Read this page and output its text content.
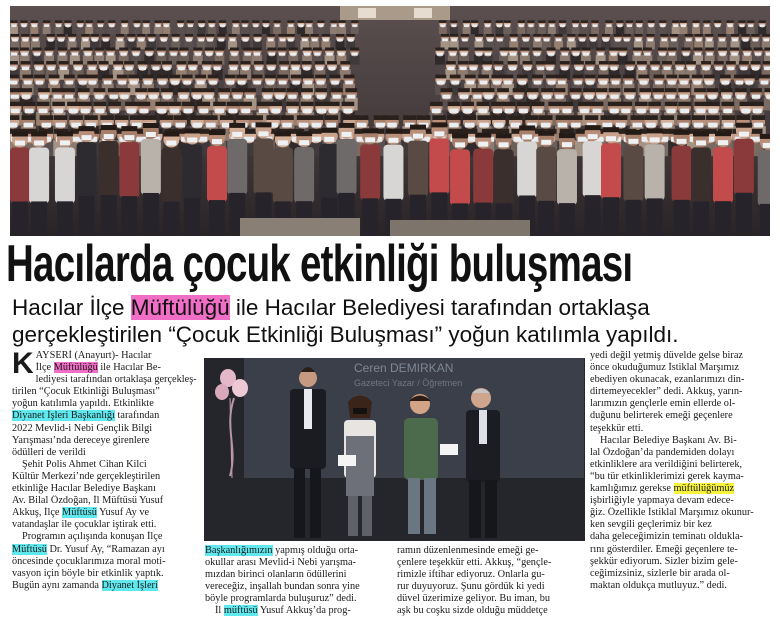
Hacılarda çocuk etkinliği buluşması
Hacılar İlçe Müftülüğü ile Hacılar Belediyesi tarafından ortaklaşa
gerçekleştirilen “Çocuk Etkinliği Buluşması” yoğun katılımla yapıldı.
K AYSERİ (Anayurt)- Hacılar
İlçe Müftülüğü ile Hacılar Be-
lediyesi tarafından ortaklaşa gerçekleş-
tirilen “Çocuk Etkinliği Buluşması”
yoğun katılımla yapıldı. Etkinlikte
Diyanet İşleri Başkanlığı tarafından
2022 Mevlid-i Nebi Gençlik Bilgi
Yarışması’nda dereceye girenlere
ödülleri de verildi
Şehit Polis Ahmet Cihan Kilci
Kültür Merkezi’nde gerçekleştirilen
etkinliğe Hacılar Belediye Başkanı
Av. Bilal Özdoğan, İl Müftüsü Yusuf
Akkuş, İlçe Müftüsü Yusuf Ay ve
vatandaşlar ile çocuklar iştirak etti.
Programın açılışında konuşan İlçe
Müftüsü Dr. Yusuf Ay, “Ramazan ayı
öncesinde çocuklarımıza moral moti-
vasyon için böyle bir etkinlik yaptık.
Bugün aynı zamanda Diyanet İşleri
Ceren DEMIRKAN
Gazeteci Yazar / Öğretmen
Başkanlığımızın yapmış olduğu orta-
okullar arası Mevlid-i Nebi yarışma-
mızdan birinci olanların ödüllerini
vereceğiz, inşallah bundan sonra yine
böyle programlarda buluşuruz” dedi.
İl müftüsü Yusuf Akkuş’da prog-
ramın düzenlenmesinde emeği ge-
çenlere teşekkür etti. Akkuş, “gençle-
rimizle iftihar ediyoruz. Onlarla gu-
rur duyuyoruz. Şunu gördük ki yedi
düvel üzerimize geliyor. Bu iman, bu
aşk bu coşku sizde olduğu müddetçe
yedi değil yetmiş düvelde gelse biraz
önce okuduğumuz İstiklal Marşımız
ebediyen okunacak, ezanlarımızı din-
dirtemeyecekler” dedi. Akkuş, yarın-
larımızın gençlerle emin ellerde ol-
duğunu belirterek emeği geçenlere
teşekkür etti.
Hacılar Belediye Başkanı Av. Bi-
lal Özdoğan’da pandemiden dolayı
etkinliklere ara verildiğini belirterek,
“bu tür etkinliklerimizi gerek kayma-
kamlığımız gerekse müftülüğümüz
işbirliğiyle yapmaya devam edece-
ğiz. Özellikle İstiklal Marşımız okunur-
ken sevgili geçlerimiz bir kez
daha geleceğimizin teminatı oldukla-
rını gösterdiler. Emeği geçenlere te-
şekkür ediyorum. Sizler bizim gele-
ceğimizsiniz, sizlerle bir arada ol-
maktan oldukça mutluyuz.” dedi.
